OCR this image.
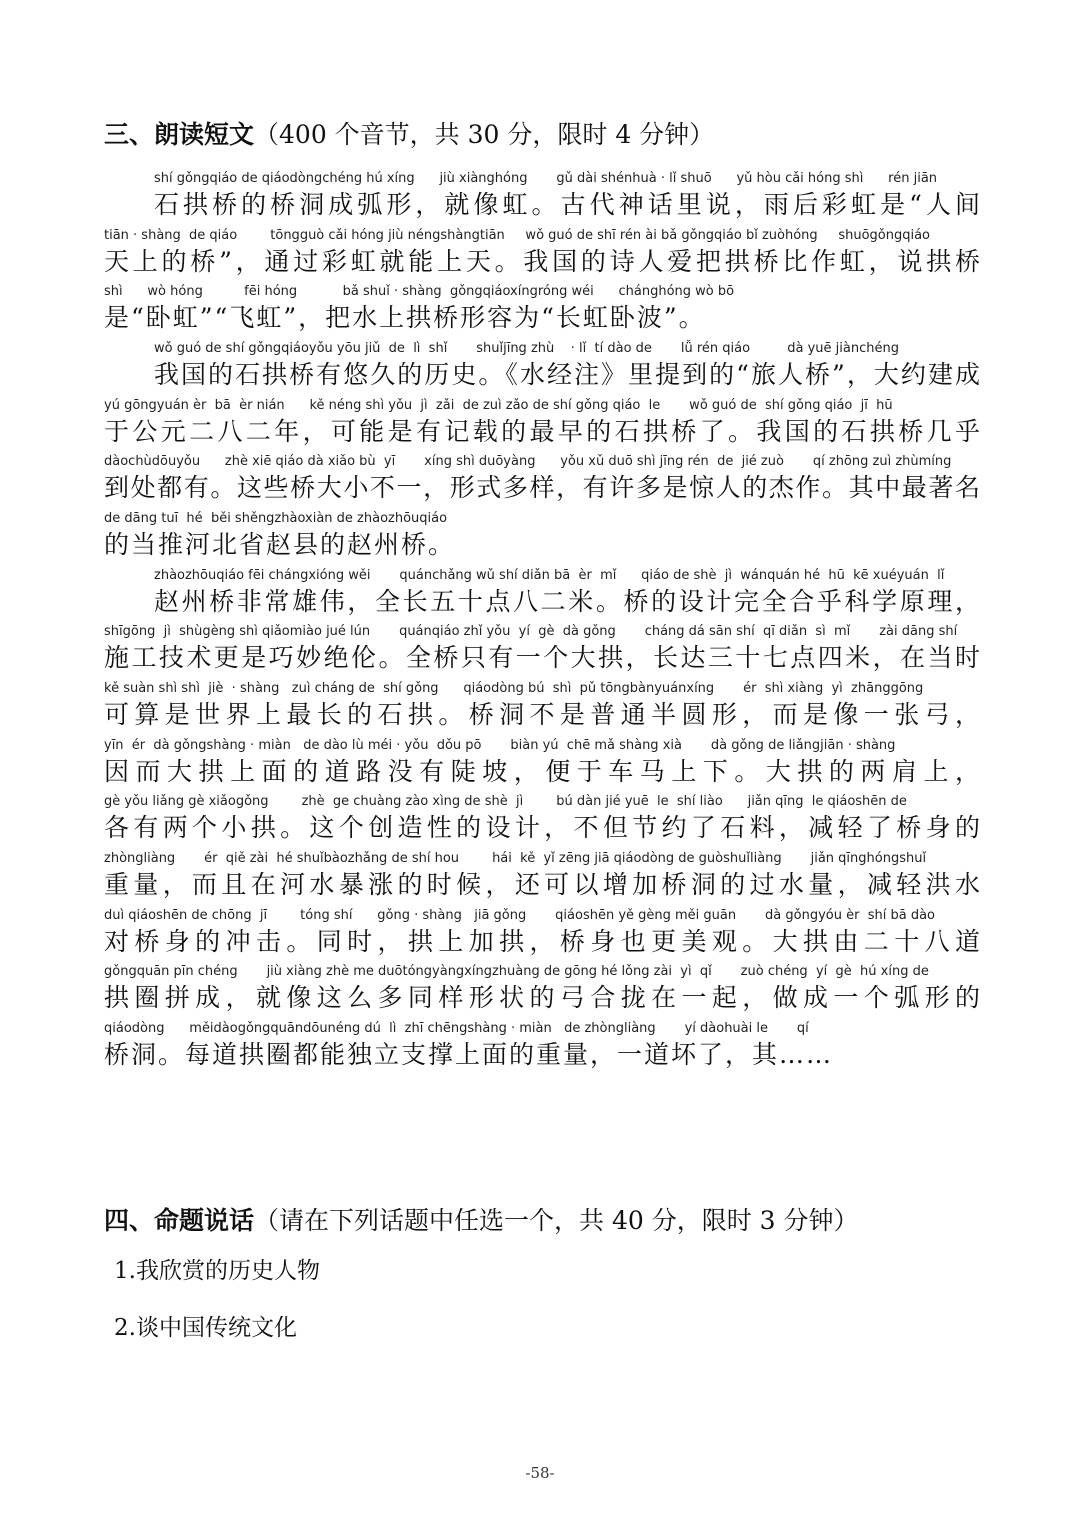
三、朗读短文（400 个音节，共 30 分，限时 4 分钟）
shí gǒngqiáo de qiáodòngchéng hú xíng      jiù xiànghóng       gǔ dài shénhuà · lǐ shuō      yǔ hòu cǎi hóng shì      rén jiān
石拱桥的桥洞成弧形，就像虹。古代神话里说，雨后彩虹是“人间
tiān · shàng  de qiáo        tōngguò cǎi hóng jiù néngshàngtiān     wǒ guó de shī rén ài bǎ gǒngqiáo bǐ zuòhóng     shuōgǒngqiáo
天上的桥”，通过彩虹就能上天。我国的诗人爱把拱桥比作虹，说拱桥
shì      wò hóng          fēi hóng           bǎ shuǐ · shàng  gǒngqiáoxíngróng wéi      chánghóng wò bō
是“卧虹”“飞虹”，把水上拱桥形容为“长虹卧波”。
wǒ guó de shí gǒngqiáoyǒu yōu jiǔ  de  lì  shǐ       shuǐjīng zhù    · lǐ  tí dào de       lǚ rén qiáo         dà yuē jiànchéng
我国的石拱桥有悠久的历史。《水经注》里提到的“旅人桥”，大约建成
yú gōngyuán èr  bā  èr nián      kě néng shì yǒu  jì  zǎi  de zuì zǎo de shí gǒng qiáo  le       wǒ guó de  shí gǒng qiáo  jī  hū
于公元二八二年，可能是有记载的最早的石拱桥了。我国的石拱桥几乎
dàochùdōuyǒu      zhè xiē qiáo dà xiǎo bù  yī       xíng shì duōyàng      yǒu xǔ duō shì jīng rén  de  jié zuò       qí zhōng zuì zhùmíng
到处都有。这些桥大小不一，形式多样，有许多是惊人的杰作。其中最著名
de dāng tuī  hé  běi shěngzhàoxiàn de zhàozhōuqiáo
的当推河北省赵县的赵州桥。
zhàozhōuqiáo fēi chángxióng wěi       quánchǎng wǔ shí diǎn bā  èr  mǐ      qiáo de shè  jì  wánquán hé  hū  kē xuéyuán  lǐ
赵州桥非常雄伟，全长五十点八二米。桥的设计完全合乎科学原理，
shīgōng  jì  shùgèng shì qiǎomiào jué lún       quánqiáo zhǐ yǒu  yí  gè  dà gǒng       cháng dá sān shí  qī diǎn  sì  mǐ       zài dāng shí
施工技术更是巧妙绝伦。全桥只有一个大拱，长达三十七点四米，在当时
kě suàn shì shì  jiè  · shàng   zuì cháng de  shí gǒng      qiáodòng bú  shì  pǔ tōngbànyuánxíng       ér  shì xiàng  yì  zhānggōng
可算是世界上最长的石拱。桥洞不是普通半圆形，而是像一张弓，
yīn  ér  dà gǒngshàng · miàn   de dào lù méi · yǒu  dǒu pō       biàn yú  chē mǎ shàng xià       dà gǒng de liǎngjiān · shàng
因而大拱上面的道路没有陡坡，便于车马上下。大拱的两肩上，
gè yǒu liǎng gè xiǎogǒng        zhè  ge chuàng zào xìng de shè  jì        bú dàn jié yuē  le  shí liào      jiǎn qīng  le qiáoshēn de
各有两个小拱。这个创造性的设计，不但节约了石料，减轻了桥身的
zhòngliàng       ér  qiě zài  hé shuǐbàozhǎng de shí hou        hái  kě  yǐ zēng jiā qiáodòng de guòshuǐliàng       jiǎn qīnghóngshuǐ
重量，而且在河水暴涨的时候，还可以增加桥洞的过水量，减轻洪水
duì qiáoshēn de chōng  jī        tóng shí      gǒng · shàng   jiā gǒng       qiáoshēn yě gèng měi guān       dà gǒngyóu èr  shí bā dào
对桥身的冲击。同时，拱上加拱，桥身也更美观。大拱由二十八道
gǒngquān pīn chéng       jiù xiàng zhè me duōtóngyàngxíngzhuàng de gōng hé lǒng zài  yì  qǐ       zuò chéng  yí  gè  hú xíng de
拱圈拼成，就像这么多同样形状的弓合拢在一起，做成一个弧形的
qiáodòng      měidàogǒngquāndōunéng dú  lì  zhī chēngshàng · miàn   de zhòngliàng       yí dàohuài le       qí
桥洞。每道拱圈都能独立支撑上面的重量，一道坏了，其……
四、命题说话（请在下列话题中任选一个，共 40 分，限时 3 分钟）
1.我欣赏的历史人物
2.谈中国传统文化
-58-
